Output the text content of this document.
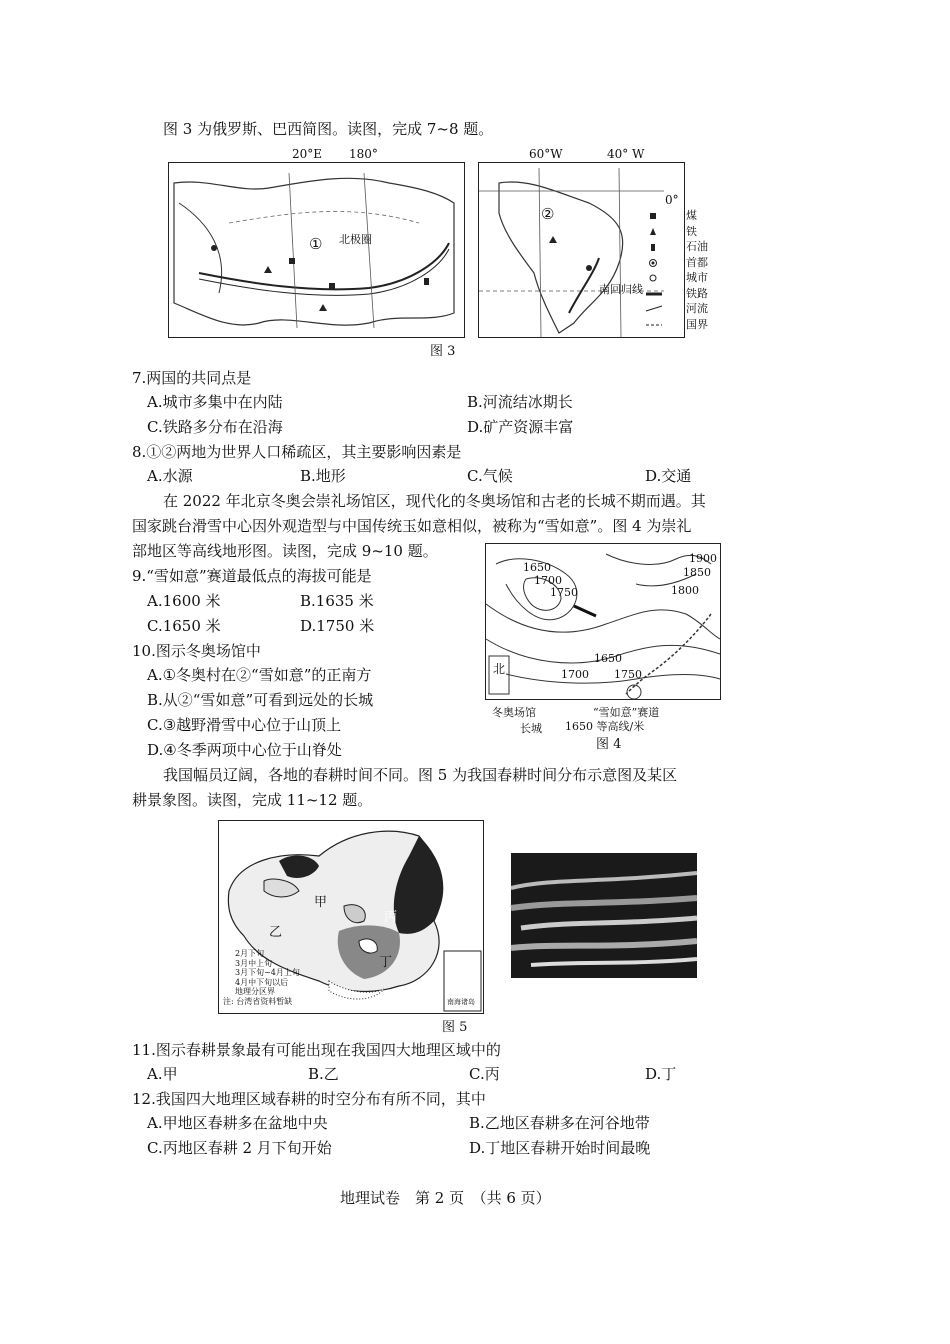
图 3 为俄罗斯、巴西简图。读图，完成 7~8 题。
20°E 180°
① 北极圈
60°W	40° W
0°
②
南回归线
煤
铁
石油
首都
城市
铁路
河流
国界
图 3
7.两国的共同点是
A.城市多集中在内陆	B.河流结冰期长
C.铁路多分布在沿海	D.矿产资源丰富
8.①②两地为世界人口稀疏区，其主要影响因素是
A.水源	B.地形	C.气候	D.交通
在 2022 年北京冬奥会崇礼场馆区，现代化的冬奥场馆和古老的长城不期而遇。其
国家跳台滑雪中心因外观造型与中国传统玉如意相似，被称为“雪如意”。图 4 为崇礼
部地区等高线地形图。读图，完成 9~10 题。
1650
1700
1750
1650
1700 1750
1800
1850
1900
北
冬奥场馆	“雪如意”赛道
长城 1650 等高线/米
图 4
9.“雪如意”赛道最低点的海拔可能是
A.1600 米	B.1635 米
C.1650 米	D.1750 米
10.图示冬奥场馆中
A.①冬奥村在②“雪如意”的正南方
B.从②“雪如意”可看到远处的长城
C.③越野滑雪中心位于山顶上
D.④冬季两项中心位于山脊处
我国幅员辽阔，各地的春耕时间不同。图 5 为我国春耕时间分布示意图及某区
耕景象图。读图，完成 11~12 题。
甲
乙
丙
丁
2月下旬
3月中上旬
3月下旬~4月上旬
4月中下旬以后
地理分区界
注: 台湾省资料暂缺	南海诸岛
图 5
11.图示春耕景象最有可能出现在我国四大地理区域中的
A.甲	B.乙	C.丙	D.丁
12.我国四大地理区域春耕的时空分布有所不同，其中
A.甲地区春耕多在盆地中央	B.乙地区春耕多在河谷地带
C.丙地区春耕 2 月下旬开始	D.丁地区春耕开始时间最晚
地理试卷　第 2 页　（共 6 页）
